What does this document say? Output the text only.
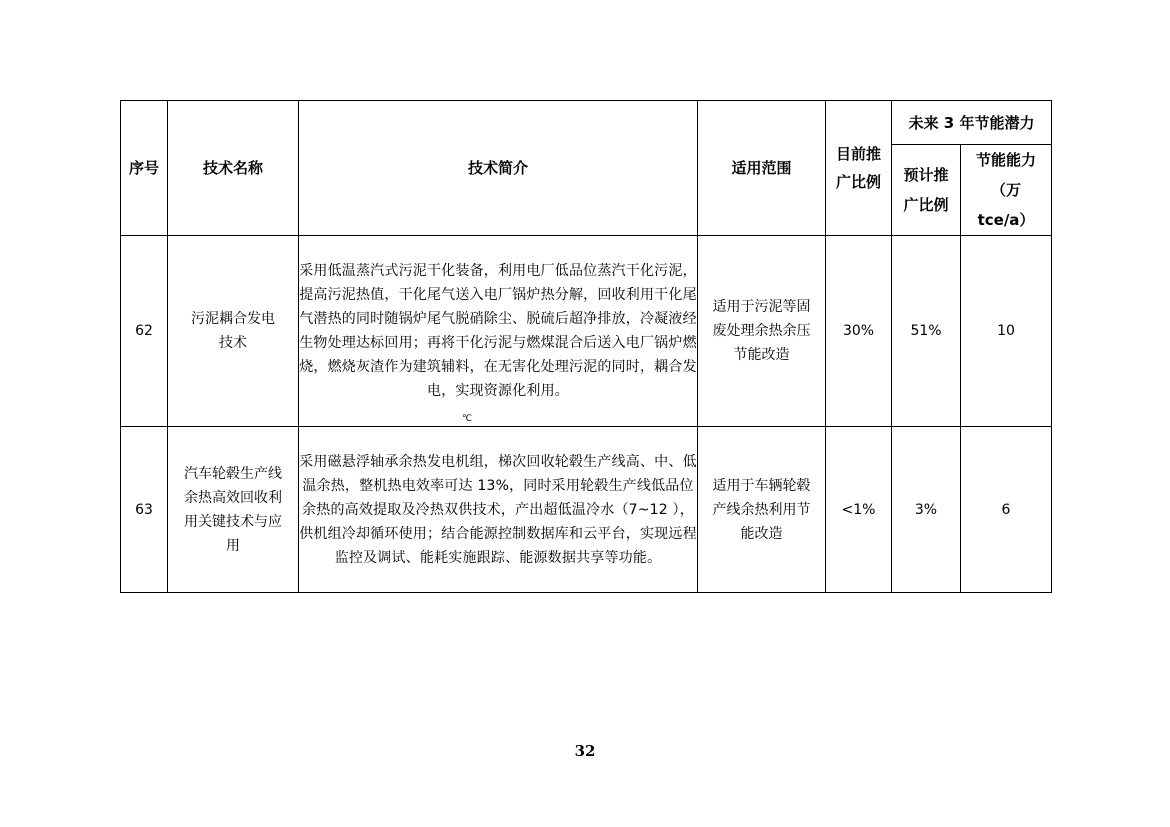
序号	技术名称	技术简介	适用范围	目前推广比例	未来 3 年节能潜力	
					预计推广比例	节能能力（万 tce/a）
62	污泥耦合发电技术	采用低温蒸汽式污泥干化装备，利用电厂低品位蒸汽干化污泥，提高污泥热值，干化尾气送入电厂锅炉热分解，回收利用干化尾气潜热的同时随锅炉尾气脱硝除尘、脱硫后超净排放，冷凝液经生物处理达标回用；再将干化污泥与燃煤混合后送入电厂锅炉燃烧，燃烧灰渣作为建筑辅料，在无害化处理污泥的同时，耦合发电，实现资源化利用。	适用于污泥等固废处理余热余压节能改造	30%	51%	10
63	汽车轮毂生产线余热高效回收利用关键技术与应用	采用磁悬浮轴承余热发电机组，梯次回收轮毂生产线高、中、低温余热，整机热电效率可达 13%，同时采用轮毂生产线低品位余热的高效提取及冷热双供技术，产出超低温冷水（7~12 ），供机组冷却循环使用；结合能源控制数据库和云平台，实现远程监控及调试、能耗实施跟踪、能源数据共享等功能。	适用于车辆轮毂产线余热利用节能改造	<1%	3%	6
℃
32
